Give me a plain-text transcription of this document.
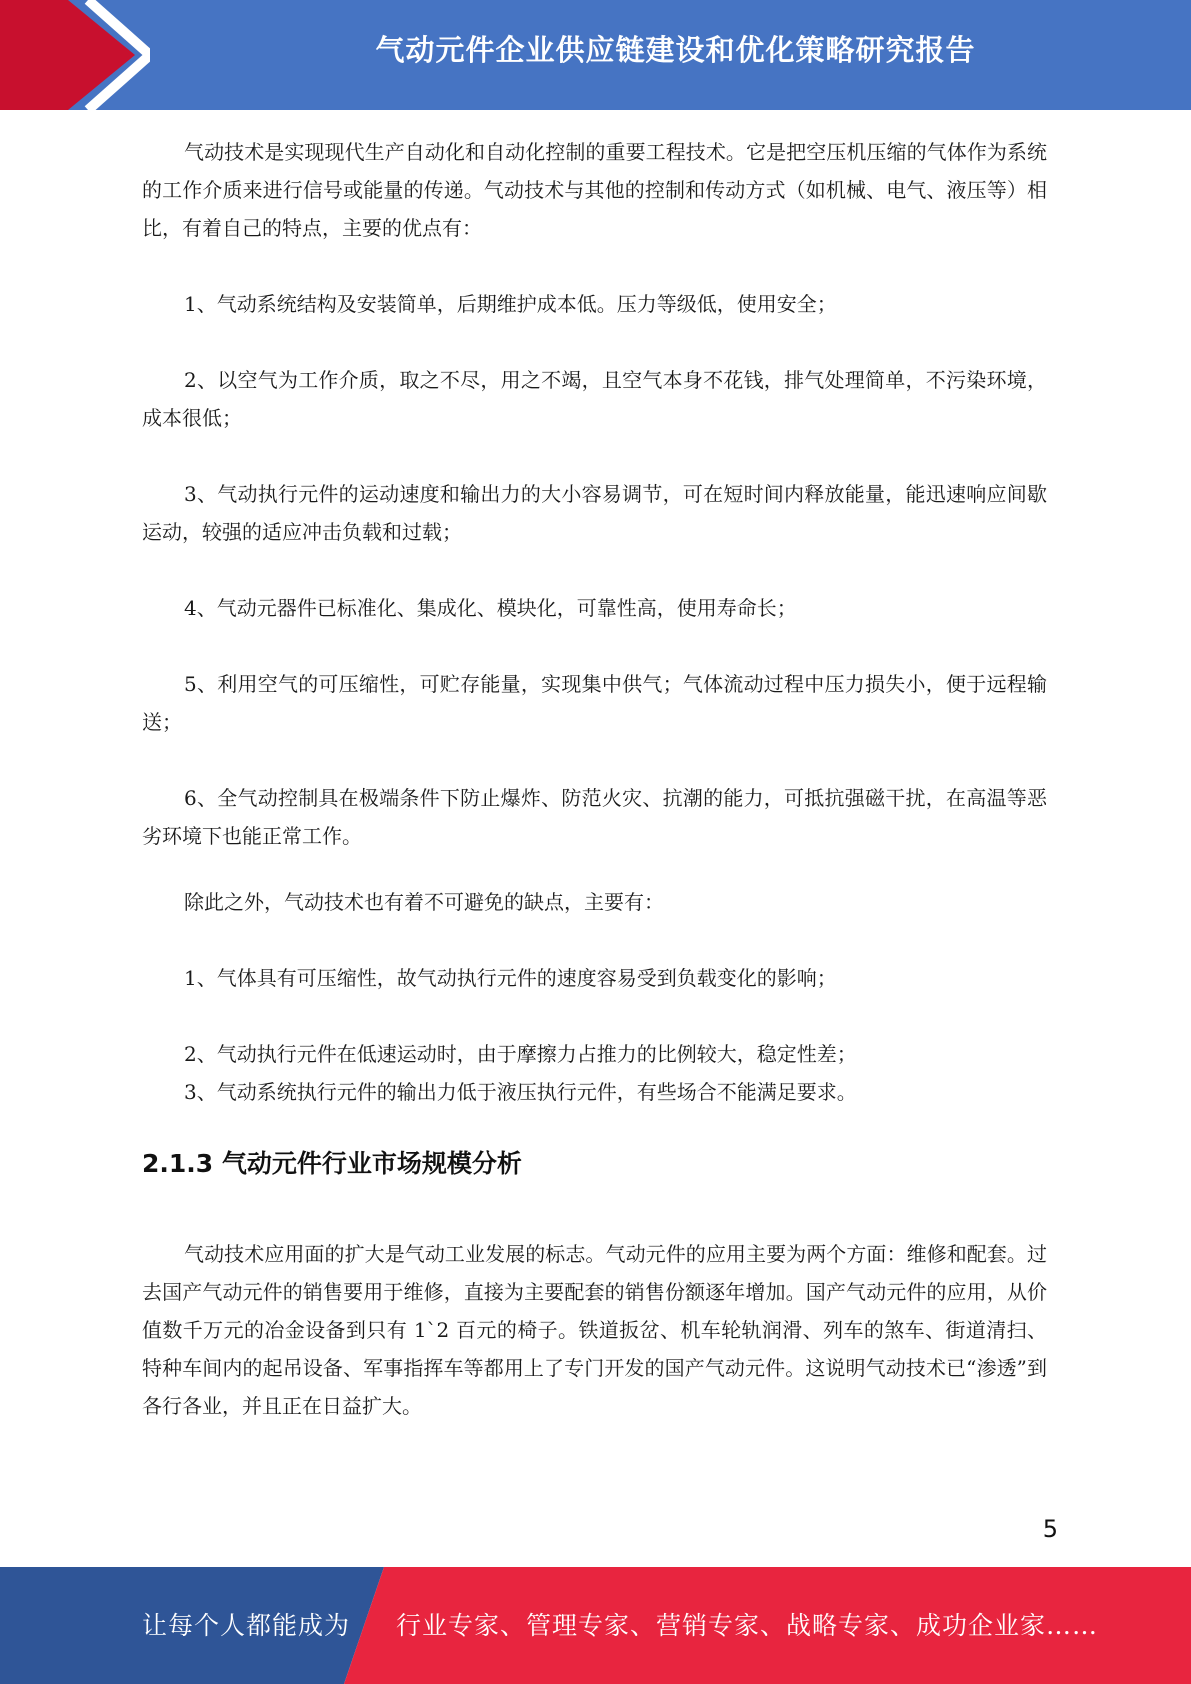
气动元件企业供应链建设和优化策略研究报告

气动技术是实现现代生产自动化和自动化控制的重要工程技术。它是把空压机压缩的气体作为系统的工作介质来进行信号或能量的传递。气动技术与其他的控制和传动方式（如机械、电气、液压等）相比，有着自己的特点，主要的优点有：

1、气动系统结构及安装简单，后期维护成本低。压力等级低，使用安全；

2、以空气为工作介质，取之不尽，用之不竭，且空气本身不花钱，排气处理简单，不污染环境，成本很低；

3、气动执行元件的运动速度和输出力的大小容易调节，可在短时间内释放能量，能迅速响应间歇运动，较强的适应冲击负载和过载；

4、气动元器件已标准化、集成化、模块化，可靠性高，使用寿命长；

5、利用空气的可压缩性，可贮存能量，实现集中供气；气体流动过程中压力损失小，便于远程输送；

6、全气动控制具在极端条件下防止爆炸、防范火灾、抗潮的能力，可抵抗强磁干扰，在高温等恶劣环境下也能正常工作。

除此之外，气动技术也有着不可避免的缺点，主要有：

1、气体具有可压缩性，故气动执行元件的速度容易受到负载变化的影响；

2、气动执行元件在低速运动时，由于摩擦力占推力的比例较大，稳定性差；

3、气动系统执行元件的输出力低于液压执行元件，有些场合不能满足要求。

2.1.3 气动元件行业市场规模分析

气动技术应用面的扩大是气动工业发展的标志。气动元件的应用主要为两个方面：维修和配套。过去国产气动元件的销售要用于维修，直接为主要配套的销售份额逐年增加。国产气动元件的应用，从价值数千万元的冶金设备到只有 1`2 百元的椅子。铁道扳岔、机车轮轨润滑、列车的煞车、街道清扫、特种车间内的起吊设备、军事指挥车等都用上了专门开发的国产气动元件。这说明气动技术已“渗透”到各行各业，并且正在日益扩大。

5
让每个人都能成为 行业专家、管理专家、营销专家、战略专家、成功企业家……
